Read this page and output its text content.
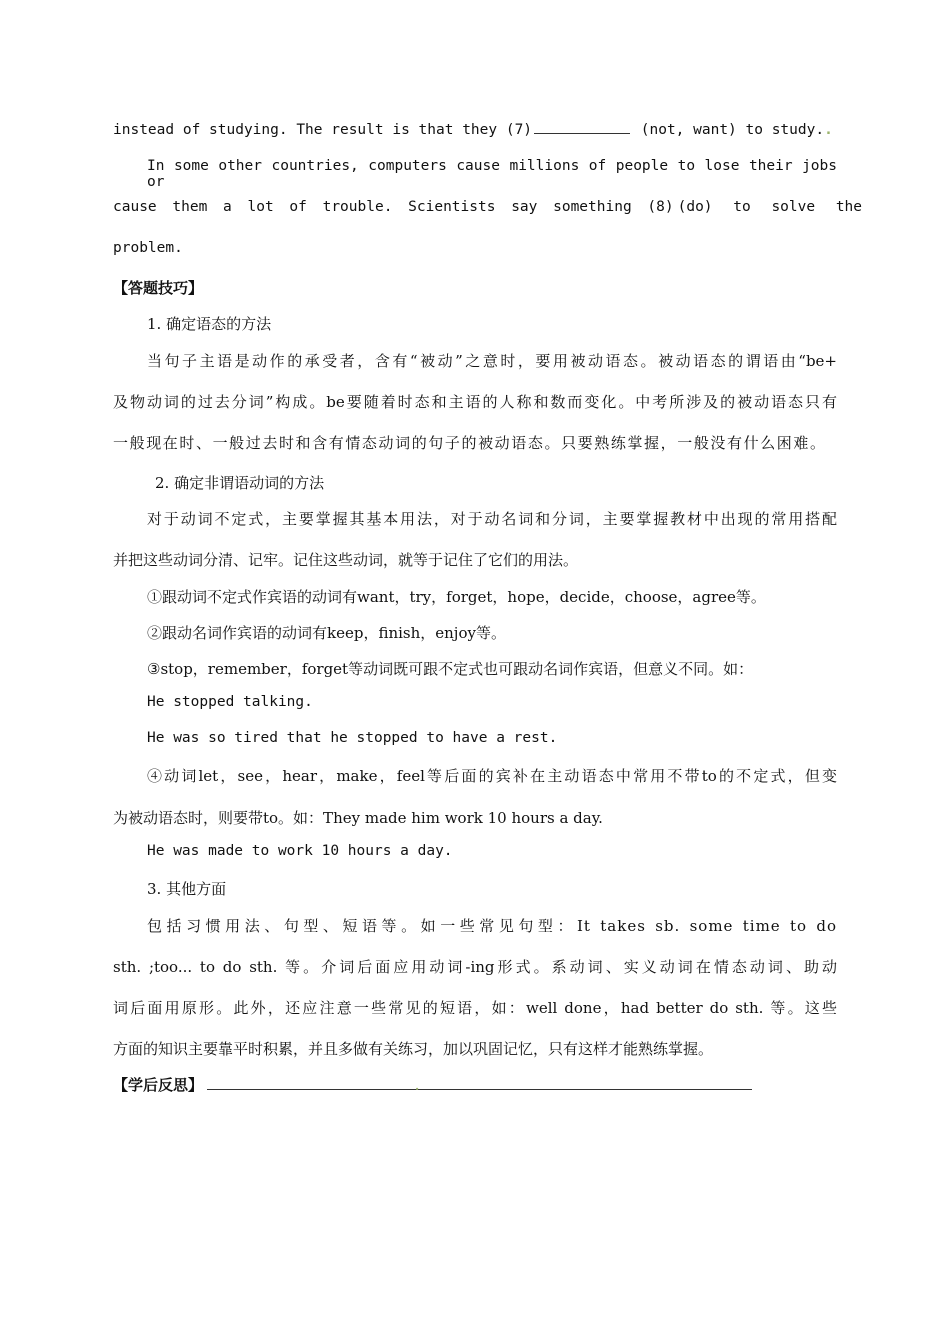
instead of studying. The result is that they (7)	(not, want) to study..
In some other countries, computers cause millions of people to lose their jobs or
cause them a lot of trouble. Scientists say something (8) (do) to solve the
problem.
【答题技巧】
1. 确定语态的方法
当句子主语是动作的承受者，含有“被动”之意时，要用被动语态。被动语态的谓语由“be+
及物动词的过去分词”构成。be要随着时态和主语的人称和数而变化。中考所涉及的被动语态只有
一般现在时、一般过去时和含有情态动词的句子的被动语态。只要熟练掌握，一般没有什么困难。
2. 确定非谓语动词的方法
对于动词不定式，主要掌握其基本用法，对于动名词和分词，主要掌握教材中出现的常用搭配
并把这些动词分清、记牢。记住这些动词，就等于记住了它们的用法。
①跟动词不定式作宾语的动词有want，try，forget，hope，decide，choose，agree等。
②跟动名词作宾语的动词有keep，finish，enjoy等。
③stop，remember，forget等动词既可跟不定式也可跟动名词作宾语，但意义不同。如：
He stopped talking.
He was so tired that he stopped to have a rest.
④动词let，see，hear，make，feel等后面的宾补在主动语态中常用不带to的不定式，但变
为被动语态时，则要带to。如：They made him work 10 hours a day.
He was made to work 10 hours a day.
3. 其他方面
包括习惯用法、句型、短语等。如一些常见句型：It takes sb. some time to do
sth. ;too... to do sth. 等。介词后面应用动词-ing形式。系动词、实义动词在情态动词、助动
词后面用原形。此外，还应注意一些常见的短语，如：well done，had better do sth. 等。这些
方面的知识主要靠平时积累，并且多做有关练习，加以巩固记忆，只有这样才能熟练掌握。
【学后反思】	.
